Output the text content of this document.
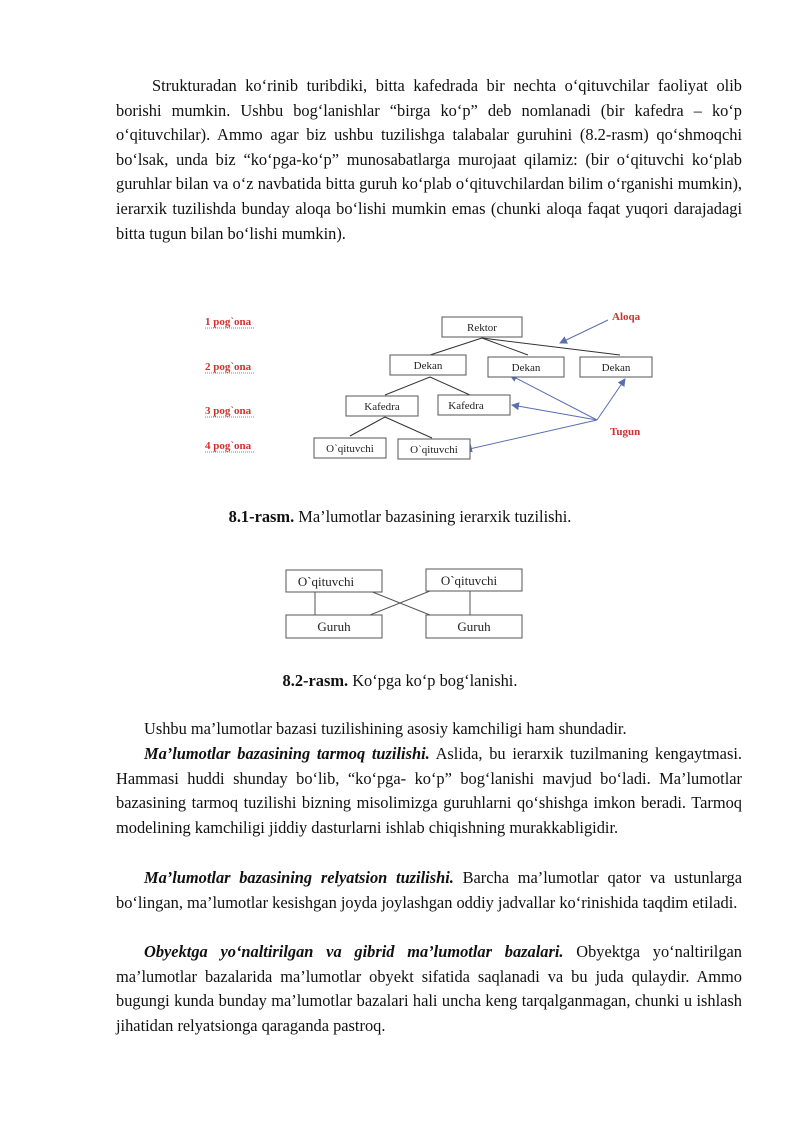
Strukturadan koʻrinib turibdiki, bitta kafedrada bir nechta oʻqituvchilar faoliyat olib borishi mumkin. Ushbu bogʻlanishlar “birga koʻp” deb nomlanadi (bir kafedra – koʻp oʻqituvchilar). Ammo agar biz ushbu tuzilishga talabalar guruhini (8.2-rasm) qoʻshmoqchi boʻlsak, unda biz “koʻpga-koʻp” munosabatlarga murojaat qilamiz: (bir oʻqituvchi koʻplab guruhlar bilan va oʻz navbatida bitta guruh koʻplab oʻqituvchilardan bilim oʻrganishi mumkin), ierarxik tuzilishda bunday aloqa boʻlishi mumkin emas (chunki aloqa faqat yuqori darajadagi bitta tugun bilan boʻlishi mumkin).

1 pog`ona
2 pog`ona
3 pog`ona
4 pog`ona
Rektor
Dekan	Dekan	Dekan
Kafedra	Kafedra
O`qituvchi	O`qituvchi
Aloqa
Tugun

8.1-rasm. Ma’lumotlar bazasining ierarxik tuzilishi.

O`qituvchi	O`qituvchi
Guruh	Guruh

8.2-rasm. Koʻpga koʻp bogʻlanishi.

Ushbu ma’lumotlar bazasi tuzilishining asosiy kamchiligi ham shundadir.

Ma’lumotlar bazasining tarmoq tuzilishi. Aslida, bu ierarxik tuzilmaning kengaytmasi. Hammasi huddi shunday boʻlib, “koʻpga- koʻp” bogʻlanishi mavjud boʻladi. Ma’lumotlar bazasining tarmoq tuzilishi bizning misolimizga guruhlarni qoʻshishga imkon beradi. Tarmoq modelining kamchiligi jiddiy dasturlarni ishlab chiqishning murakkabligidir.

Ma’lumotlar bazasining relyatsion tuzilishi. Barcha ma’lumotlar qator va ustunlarga boʻlingan, ma’lumotlar kesishgan joyda joylashgan oddiy jadvallar koʻrinishida taqdim etiladi.

Obyektga yoʻnaltirilgan va gibrid ma’lumotlar bazalari. Obyektga yoʻnaltirilgan ma’lumotlar bazalarida ma’lumotlar obyekt sifatida saqlanadi va bu juda qulaydir. Ammo bugungi kunda bunday ma’lumotlar bazalari hali uncha keng tarqalganmagan, chunki u ishlash jihatidan relyatsionga qaraganda pastroq.
